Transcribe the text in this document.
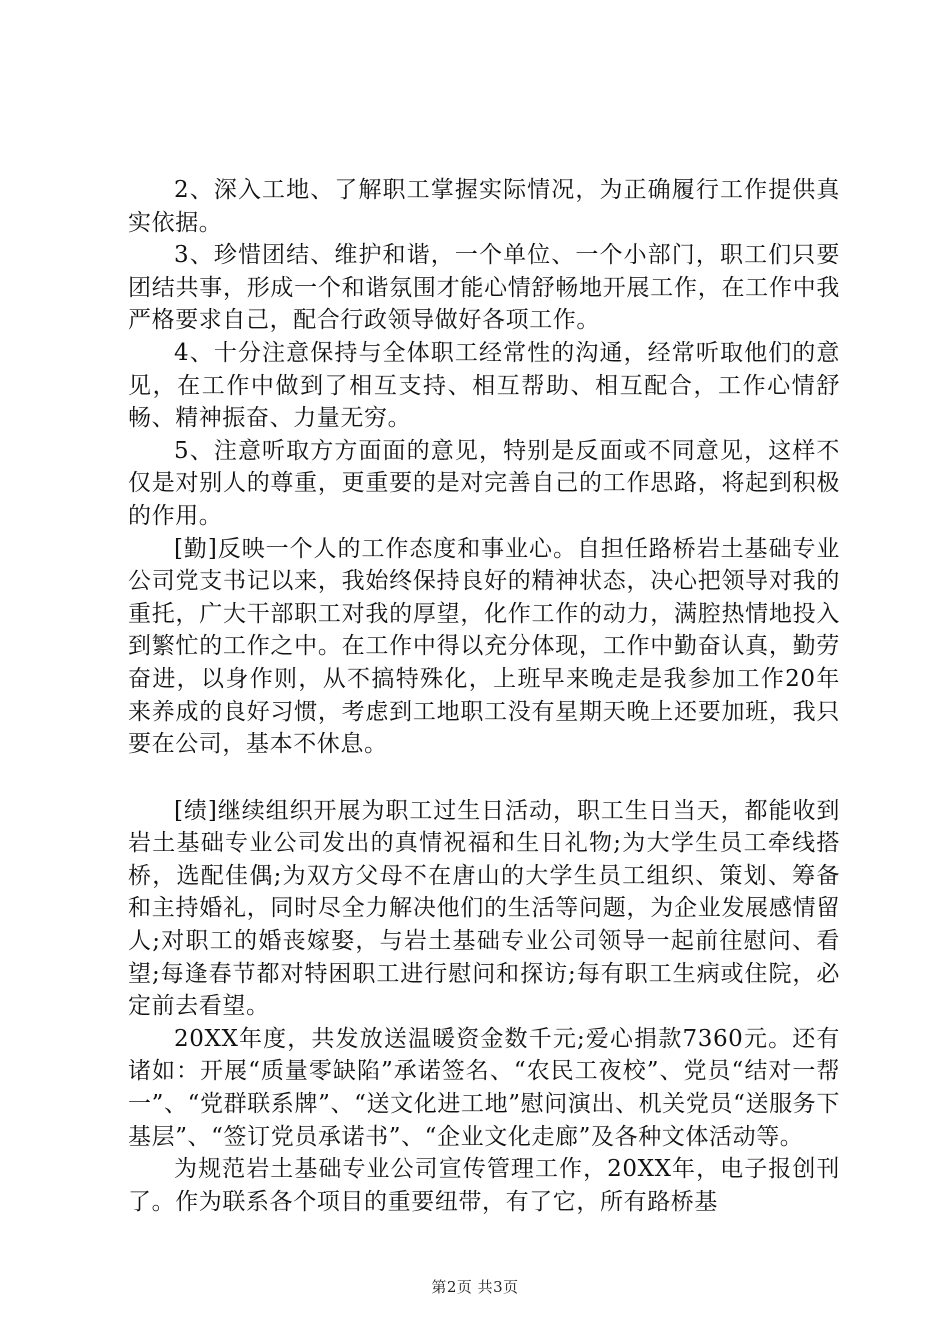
2、深入工地、了解职工掌握实际情况，为正确履行工作提供真实依据。

3、珍惜团结、维护和谐，一个单位、一个小部门，职工们只要团结共事，形成一个和谐氛围才能心情舒畅地开展工作，在工作中我严格要求自己，配合行政领导做好各项工作。

4、十分注意保持与全体职工经常性的沟通，经常听取他们的意见，在工作中做到了相互支持、相互帮助、相互配合，工作心情舒畅、精神振奋、力量无穷。

5、注意听取方方面面的意见，特别是反面或不同意见，这样不仅是对别人的尊重，更重要的是对完善自己的工作思路，将起到积极的作用。

[勤]反映一个人的工作态度和事业心。自担任路桥岩土基础专业公司党支书记以来，我始终保持良好的精神状态，决心把领导对我的重托，广大干部职工对我的厚望，化作工作的动力，满腔热情地投入到繁忙的工作之中。在工作中得以充分体现，工作中勤奋认真，勤劳奋进，以身作则，从不搞特殊化，上班早来晚走是我参加工作20年来养成的良好习惯，考虑到工地职工没有星期天晚上还要加班，我只要在公司，基本不休息。

[绩]继续组织开展为职工过生日活动，职工生日当天，都能收到岩土基础专业公司发出的真情祝福和生日礼物;为大学生员工牵线搭桥，选配佳偶;为双方父母不在唐山的大学生员工组织、策划、筹备和主持婚礼，同时尽全力解决他们的生活等问题，为企业发展感情留人;对职工的婚丧嫁娶，与岩土基础专业公司领导一起前往慰问、看望;每逢春节都对特困职工进行慰问和探访;每有职工生病或住院，必定前去看望。

20XX年度，共发放送温暖资金数千元;爱心捐款7360元。还有诸如：开展“质量零缺陷”承诺签名、“农民工夜校”、党员“结对一帮一”、“党群联系牌”、“送文化进工地”慰问演出、机关党员“送服务下基层”、“签订党员承诺书”、“企业文化走廊”及各种文体活动等。

为规范岩土基础专业公司宣传管理工作，20XX年，电子报创刊了。作为联系各个项目的重要纽带，有了它，所有路桥基

第2页 共3页
